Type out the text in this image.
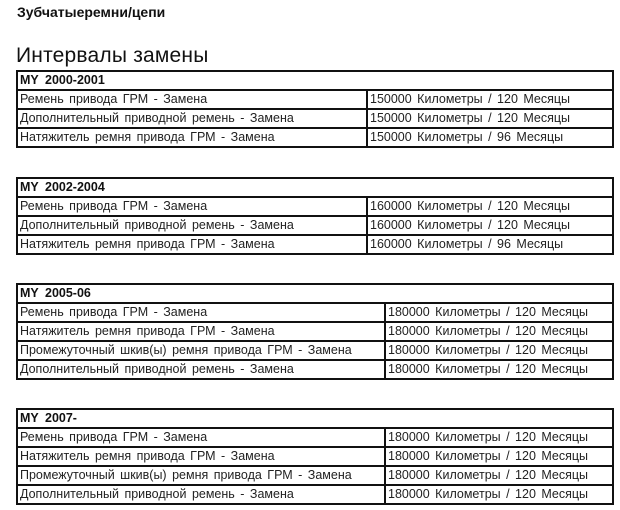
Зубчатыеремни/цепи
Интервалы замены
MY 2000-2001	
Ремень привода ГРМ - Замена	150000 Километры / 120 Месяцы
Дополнительный приводной ремень - Замена	150000 Километры / 120 Месяцы
Натяжитель ремня привода ГРМ - Замена	150000 Километры / 96 Месяцы
MY 2002-2004	
Ремень привода ГРМ - Замена	160000 Километры / 120 Месяцы
Дополнительный приводной ремень - Замена	160000 Километры / 120 Месяцы
Натяжитель ремня привода ГРМ - Замена	160000 Километры / 96 Месяцы
MY 2005-06	
Ремень привода ГРМ - Замена	180000 Километры / 120 Месяцы
Натяжитель ремня привода ГРМ - Замена	180000 Километры / 120 Месяцы
Промежуточный шкив(ы) ремня привода ГРМ - Замена	180000 Километры / 120 Месяцы
Дополнительный приводной ремень - Замена	180000 Километры / 120 Месяцы
MY 2007-	
Ремень привода ГРМ - Замена	180000 Километры / 120 Месяцы
Натяжитель ремня привода ГРМ - Замена	180000 Километры / 120 Месяцы
Промежуточный шкив(ы) ремня привода ГРМ - Замена	180000 Километры / 120 Месяцы
Дополнительный приводной ремень - Замена	180000 Километры / 120 Месяцы
